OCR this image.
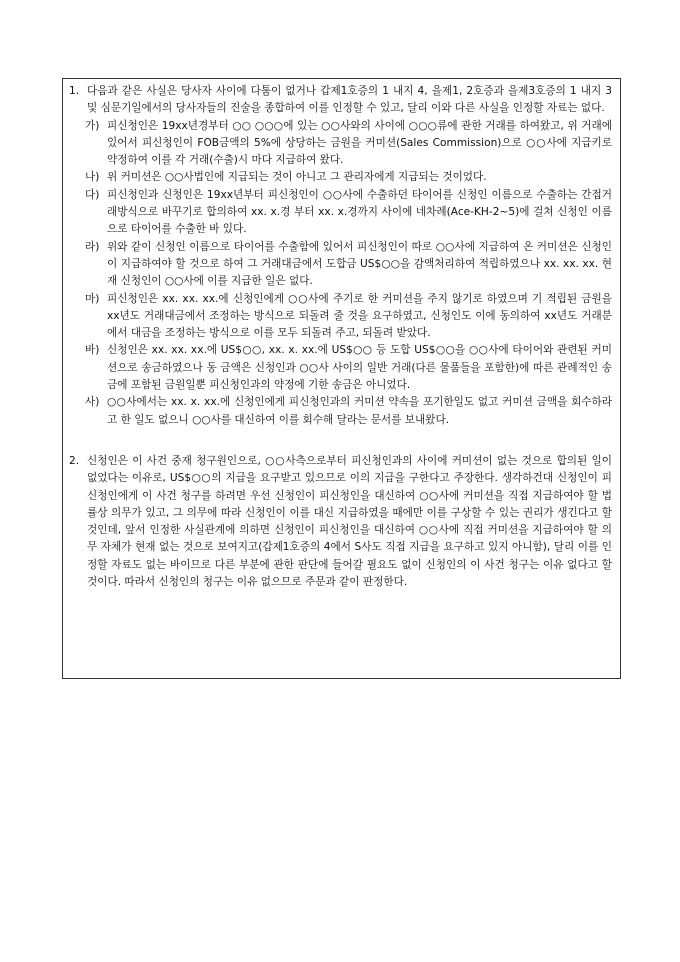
1. 다음과 같은 사실은 당사자 사이에 다툼이 없거나 갑제1호증의 1 내지 4, 을제1, 2호증과 을제3호증의 1 내지 3 및 심문기일에서의 당사자들의 진술을 종합하여 이를 인정할 수 있고, 달리 이와 다른 사실을 인정할 자료는 없다.
가) 피신청인은 19xx년경부터 ○○ ○○○에 있는 ○○사와의 사이에 ○○○류에 관한 거래를 하여왔고, 위 거래에 있어서 피신청인이 FOB금액의 5%에 상당하는 금원을 커미션(Sales Commission)으로 ○○사에 지급키로 약정하여 이를 각 거래(수출)시 마다 지급하여 왔다.
나) 위 커미션은 ○○사법인에 지급되는 것이 아니고 그 관리자에게 지급되는 것이었다.
다) 피신청인과 신청인은 19xx년부터 피신청인이 ○○사에 수출하던 타이어를 신청인 이름으로 수출하는 간접거래방식으로 바꾸기로 합의하여 xx. x.경 부터 xx. x.경까지 사이에 네차례(Ace-KH-2~5)에 걸쳐 신청인 이름으로 타이어를 수출한 바 있다.
라) 위와 같이 신청인 이름으로 타이어를 수출함에 있어서 피신청인이 따로 ○○사에 지급하여 온 커미션은 신청인이 지급하여야 할 것으로 하여 그 거래대금에서 도합금 US$○○을 감액처리하여 적립하였으나 xx. xx. xx. 현재 신청인이 ○○사에 이를 지급한 일은 없다.
마) 피신청인은 xx. xx. xx.에 신청인에게 ○○사에 주기로 한 커미션을 주지 않기로 하였으며 기 적립된 금원을 xx년도 거래대금에서 조정하는 방식으로 되돌려 줄 것을 요구하였고, 신청인도 이에 동의하여 xx년도 거래분에서 대금을 조정하는 방식으로 이를 모두 되돌려 주고, 되돌려 받았다.
바) 신청인은 xx. xx. xx.에 US$○○, xx. x. xx.에 US$○○ 등 도합 US$○○을 ○○사에 타이어와 관련된 커미션으로 송금하였으나 동 금액은 신청인과 ○○사 사이의 일반 거래(다른 물품들을 포함한)에 따른 관례적인 송금에 포함된 금원일뿐 피신청인과의 약정에 기한 송금은 아니었다.
사) ○○사에서는 xx. x. xx.에 신청인에게 피신청인과의 커미션 약속을 포기한일도 없고 커미션 금액을 회수하라고 한 일도 없으니 ○○사를 대신하여 이를 회수해 달라는 문서를 보내왔다.
2. 신청인은 이 사건 중재 청구원인으로, ○○사측으로부터 피신청인과의 사이에 커미션이 없는 것으로 합의된 일이 없었다는 이유로, US$○○의 지급을 요구받고 있으므로 이의 지급을 구한다고 주장한다. 생각하건대 신청인이 피신청인에게 이 사건 청구를 하려면 우선 신청인이 피신청인을 대신하여 ○○사에 커미션을 직접 지급하여야 할 법률상 의무가 있고, 그 의무에 따라 신청인이 이를 대신 지급하였을 때에만 이를 구상할 수 있는 권리가 생긴다고 할 것인데, 앞서 인정한 사실관계에 의하면 신청인이 피신청인을 대신하여 ○○사에 직접 커미션을 지급하여야 할 의무 자체가 현재 없는 것으로 보여지고(갑제1호증의 4에서 S사도 직접 지급을 요구하고 있지 아니함), 달리 이를 인정할 자료도 없는 바이므로 다른 부분에 관한 판단에 들어갈 필요도 없이 신청인의 이 사건 청구는 이유 없다고 할 것이다. 따라서 신청인의 청구는 이유 없으므로 주문과 같이 판정한다.
